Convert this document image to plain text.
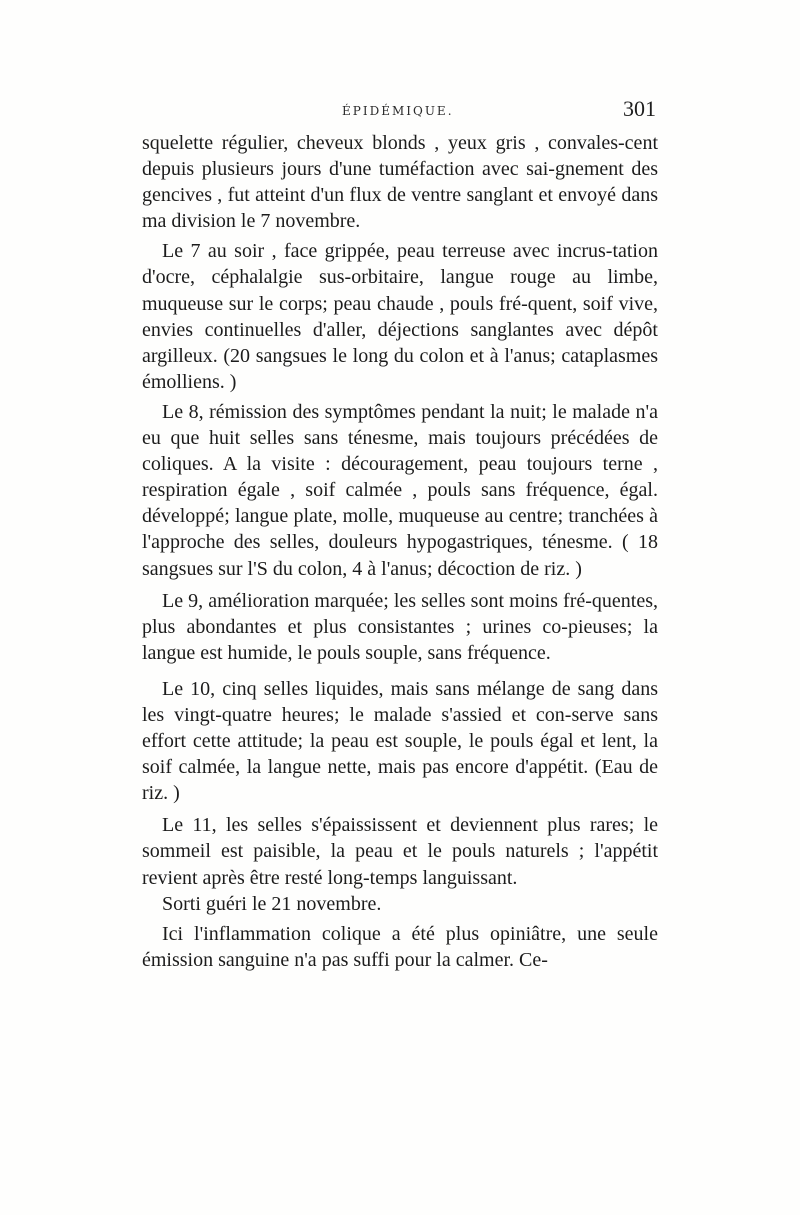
ÉPIDÉMIQUE.	301

squelette régulier, cheveux blonds , yeux gris , convales-cent depuis plusieurs jours d'une tuméfaction avec sai-gnement des gencives , fut atteint d'un flux de ventre sanglant et envoyé dans ma division le 7 novembre.

Le 7 au soir , face grippée, peau terreuse avec incrus-tation d'ocre, céphalalgie sus-orbitaire, langue rouge au limbe, muqueuse sur le corps; peau chaude , pouls fré-quent, soif vive, envies continuelles d'aller, déjections sanglantes avec dépôt argilleux. (20 sangsues le long du colon et à l'anus; cataplasmes émolliens. )

Le 8, rémission des symptômes pendant la nuit; le malade n'a eu que huit selles sans ténesme, mais toujours précédées de coliques. A la visite : découragement, peau toujours terne , respiration égale , soif calmée , pouls sans fréquence, égal. développé; langue plate, molle, muqueuse au centre; tranchées à l'approche des selles, douleurs hypogastriques, ténesme. ( 18 sangsues sur l'S du colon, 4 à l'anus; décoction de riz. )

Le 9, amélioration marquée; les selles sont moins fré-quentes, plus abondantes et plus consistantes ; urines co-pieuses; la langue est humide, le pouls souple, sans fréquence.

Le 10, cinq selles liquides, mais sans mélange de sang dans les vingt-quatre heures; le malade s'assied et con-serve sans effort cette attitude; la peau est souple, le pouls égal et lent, la soif calmée, la langue nette, mais pas encore d'appétit. (Eau de riz. )

Le 11, les selles s'épaississent et deviennent plus rares; le sommeil est paisible, la peau et le pouls naturels ; l'appétit revient après être resté long-temps languissant.

Sorti guéri le 21 novembre.

Ici l'inflammation colique a été plus opiniâtre, une seule émission sanguine n'a pas suffi pour la calmer. Ce-
